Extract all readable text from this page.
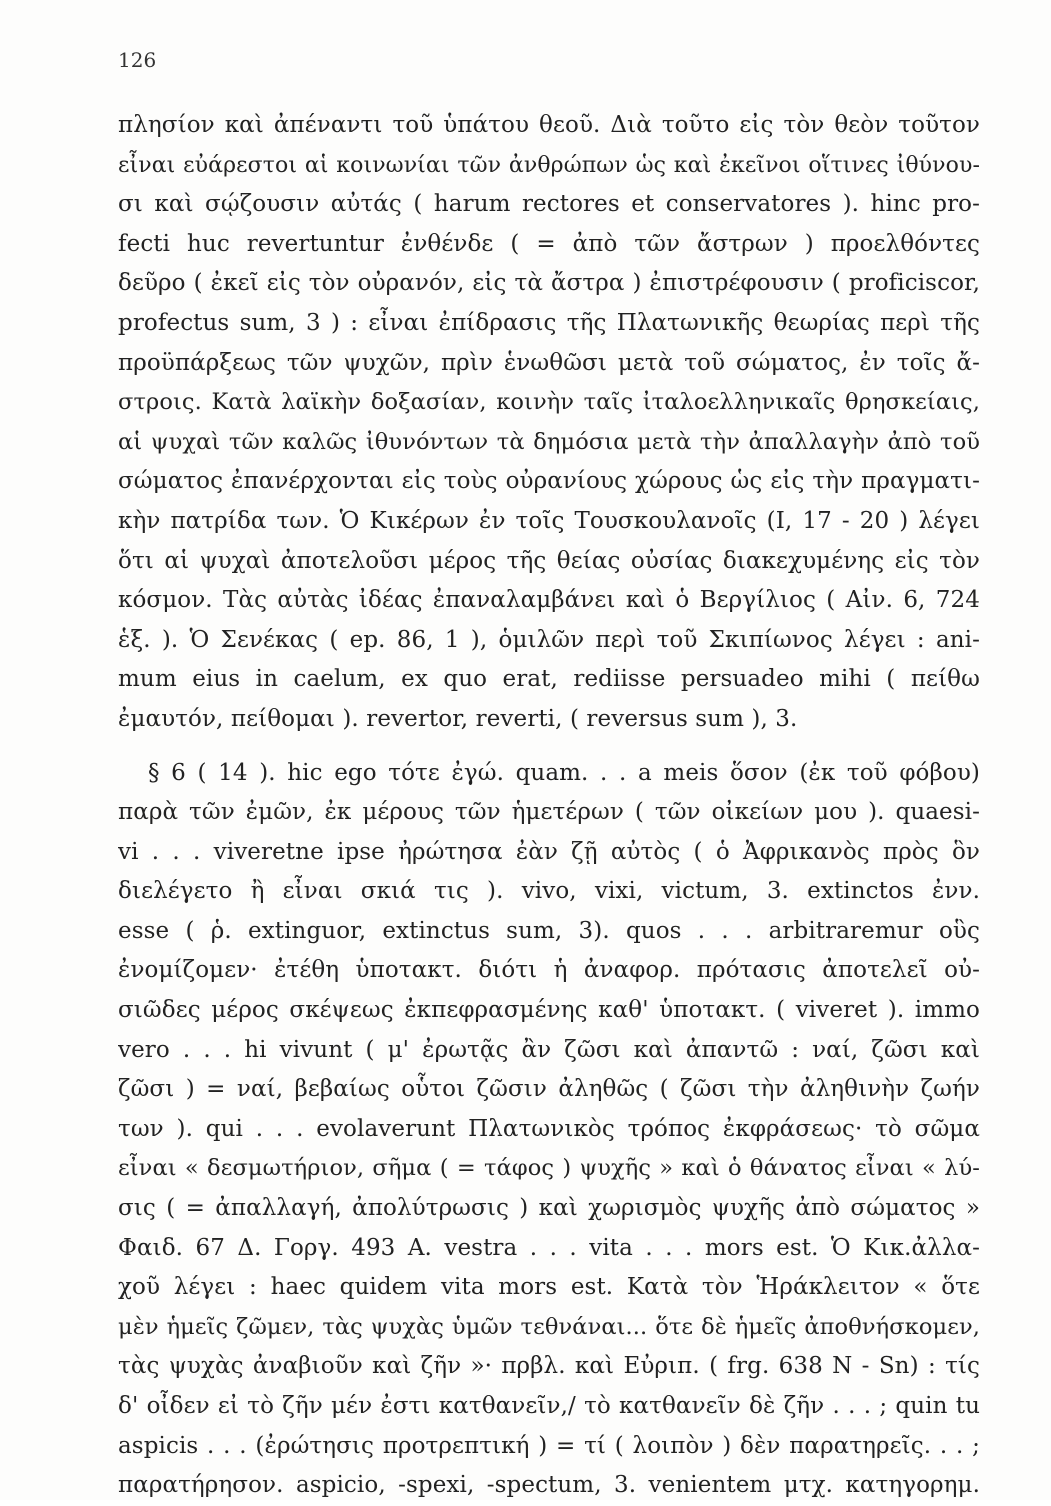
126
πλησίον καὶ ἀπέναντι τοῦ ὑπάτου θεοῦ. Διὰ τοῦτο εἰς τὸν θεὸν τοῦτον
εἶναι εὐάρεστοι αἱ κοινωνίαι τῶν ἀνθρώπων ὡς καὶ ἐκεῖνοι οἵτινες ἰθύνου-
σι καὶ σῴζουσιν αὐτάς ( harum rectores et conservatores ). hinc pro-
fecti huc revertuntur ἐνθένδε ( = ἀπὸ τῶν ἄστρων ) προελθόντες
δεῦρο ( ἐκεῖ εἰς τὸν οὐρανόν, εἰς τὰ ἄστρα ) ἐπιστρέφουσιν ( proficiscor,
profectus sum, 3 ) : εἶναι ἐπίδρασις τῆς Πλατωνικῆς θεωρίας περὶ τῆς
προϋπάρξεως τῶν ψυχῶν, πρὶν ἑνωθῶσι μετὰ τοῦ σώματος, ἐν τοῖς ἄ-
στροις. Κατὰ λαϊκὴν δοξασίαν, κοινὴν ταῖς ἰταλοελληνικαῖς θρησκείαις,
αἱ ψυχαὶ τῶν καλῶς ἰθυνόντων τὰ δημόσια μετὰ τὴν ἀπαλλαγὴν ἀπὸ τοῦ
σώματος ἐπανέρχονται εἰς τοὺς οὐρανίους χώρους ὡς εἰς τὴν πραγματι-
κὴν πατρίδα των. Ὁ Κικέρων ἐν τοῖς Τουσκουλανοῖς (Ι, 17 - 20 ) λέγει
ὅτι αἱ ψυχαὶ ἀποτελοῦσι μέρος τῆς θείας οὐσίας διακεχυμένης εἰς τὸν
κόσμον. Τὰς αὐτὰς ἰδέας ἐπαναλαμβάνει καὶ ὁ Βεργίλιος ( Αἰν. 6, 724
ἑξ. ). Ὁ Σενέκας ( ep. 86, 1 ), ὁμιλῶν περὶ τοῦ Σκιπίωνος λέγει : ani-
mum eius in caelum, ex quo erat, rediisse persuadeo mihi ( πείθω
ἐμαυτόν, πείθομαι ). revertor, reverti, ( reversus sum ), 3.
§ 6 ( 14 ). hic ego τότε ἐγώ. quam. . . a meis ὅσον (ἐκ τοῦ φόβου)
παρὰ τῶν ἐμῶν, ἐκ μέρους τῶν ἡμετέρων ( τῶν οἰκείων μου ). quaesi-
vi . . . viveretne ipse ἠρώτησα ἐὰν ζῇ αὐτὸς ( ὁ Ἀφρικανὸς πρὸς ὃν
διελέγετο ἢ εἶναι σκιά τις ). vivo, vixi, victum, 3. extinctos ἐνν.
esse ( ῥ. extinguor, extinctus sum, 3). quos . . . arbitraremur οὓς
ἐνομίζομεν· ἐτέθη ὑποτακτ. διότι ἡ ἀναφορ. πρότασις ἀποτελεῖ οὐ-
σιῶδες μέρος σκέψεως ἐκπεφρασμένης καθ' ὑποτακτ. ( viveret ). immo
vero . . . hi vivunt ( μ' ἐρωτᾷς ἂν ζῶσι καὶ ἀπαντῶ : ναί, ζῶσι καὶ
ζῶσι ) = ναί, βεβαίως οὗτοι ζῶσιν ἀληθῶς ( ζῶσι τὴν ἀληθινὴν ζωήν
των ). qui . . . evolaverunt Πλατωνικὸς τρόπος ἐκφράσεως· τὸ σῶμα
εἶναι « δεσμωτήριον, σῆμα ( = τάφος ) ψυχῆς » καὶ ὁ θάνατος εἶναι « λύ-
σις ( = ἀπαλλαγή, ἀπολύτρωσις ) καὶ χωρισμὸς ψυχῆς ἀπὸ σώματος »
Φαιδ. 67 Δ. Γοργ. 493 Α. vestra . . . vita . . . mors est. Ὁ Κικ.ἀλλα-
χοῦ λέγει : haec quidem vita mors est. Κατὰ τὸν Ἡράκλειτον « ὅτε
μὲν ἡμεῖς ζῶμεν, τὰς ψυχὰς ὑμῶν τεθνάναι... ὅτε δὲ ἡμεῖς ἀποθνήσκομεν,
τὰς ψυχὰς ἀναβιοῦν καὶ ζῆν »· πρβλ. καὶ Εὐριπ. ( frg. 638 N - Sn) : τίς
δ' οἶδεν εἰ τὸ ζῆν μέν ἐστι κατθανεῖν,/ τὸ κατθανεῖν δὲ ζῆν . . . ; quin tu
aspicis . . . (ἐρώτησις προτρεπτική ) = τί ( λοιπὸν ) δὲν παρατηρεῖς. . . ;
παρατήρησον. aspicio, -spexi, -spectum, 3. venientem μτχ. κατηγορημ.
